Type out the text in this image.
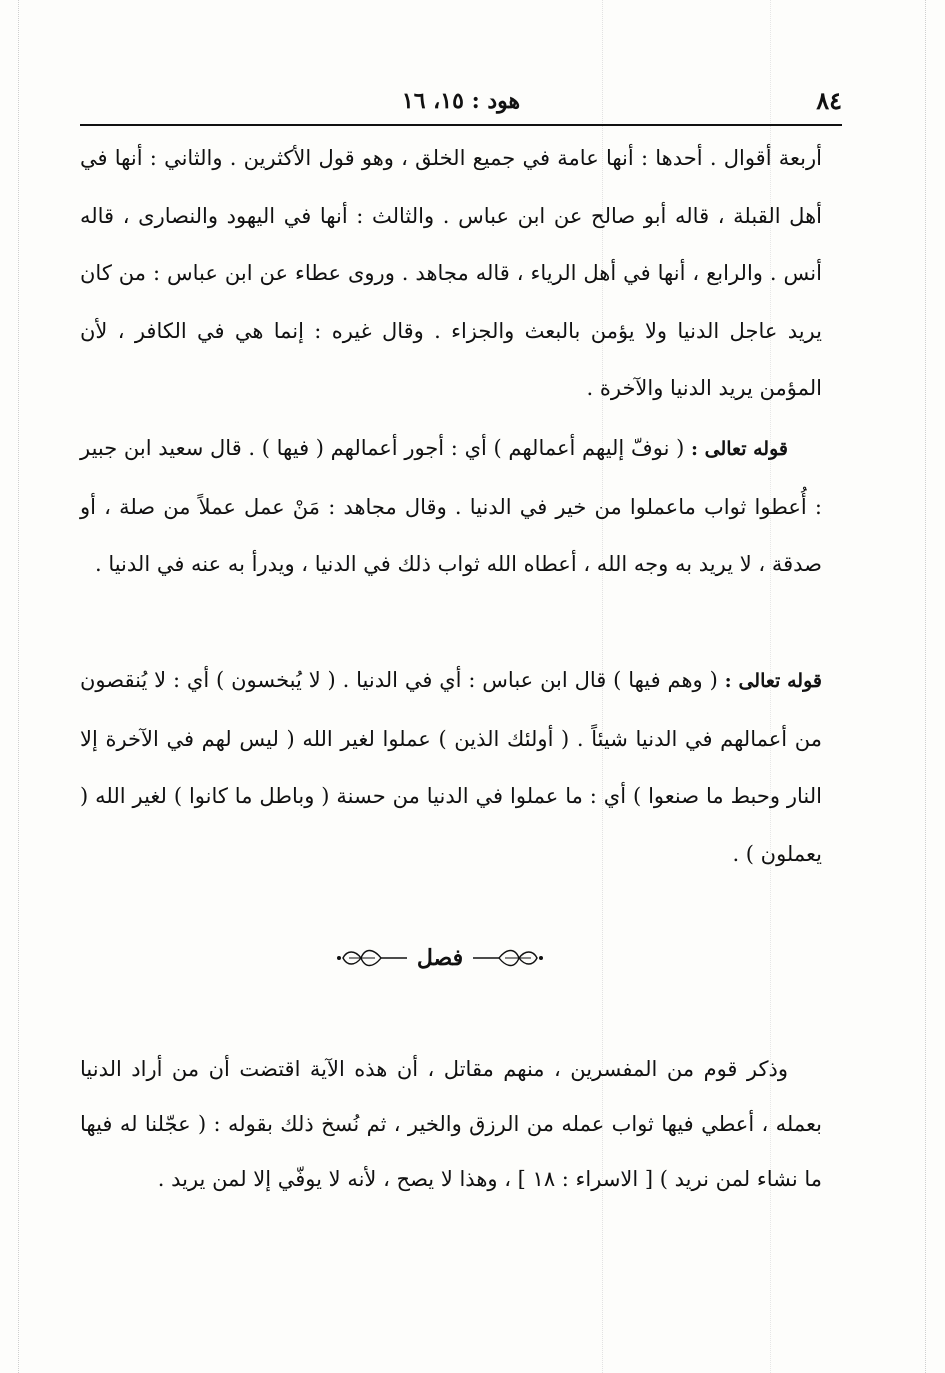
٨٤
هود : ١٥، ١٦

أربعة أقوال . أحدها : أنها عامة في جميع الخلق ، وهو قول الأكثرين . والثاني : أنها في أهل القبلة ، قاله أبو صالح عن ابن عباس . والثالث : أنها في اليهود والنصارى ، قاله أنس . والرابع ، أنها في أهل الرياء ، قاله مجاهد . وروى عطاء عن ابن عباس : من كان يريد عاجل الدنيا ولا يؤمن بالبعث والجزاء . وقال غيره : إنما هي في الكافر ، لأن المؤمن يريد الدنيا والآخرة .

قوله تعالى : ( نوفّ إليهم أعمالهم ) أي : أجور أعمالهم ( فيها ) . قال سعيد ابن جبير : أُعطوا ثواب ماعملوا من خير في الدنيا . وقال مجاهد : مَنْ عمل عملاً من صلة ، أو صدقة ، لا يريد به وجه الله ، أعطاه الله ثواب ذلك في الدنيا ، ويدرأ به عنه في الدنيا .

قوله تعالى : ( وهم فيها ) قال ابن عباس : أي في الدنيا . ( لا يُبخسون ) أي : لا يُنقصون من أعمالهم في الدنيا شيئاً . ( أولئك الذين ) عملوا لغير الله ( ليس لهم في الآخرة إلا النار وحبط ما صنعوا ) أي : ما عملوا في الدنيا من حسنة ( وباطل ما كانوا ) لغير الله ( يعملون ) .

فصل

وذكر قوم من المفسرين ، منهم مقاتل ، أن هذه الآية اقتضت أن من أراد الدنيا بعمله ، أعطي فيها ثواب عمله من الرزق والخير ، ثم نُسخ ذلك بقوله : ( عجّلنا له فيها ما نشاء لمن نريد ) [ الاسراء : ١٨ ] ، وهذا لا يصح ، لأنه لا يوفّي إلا لمن يريد .
